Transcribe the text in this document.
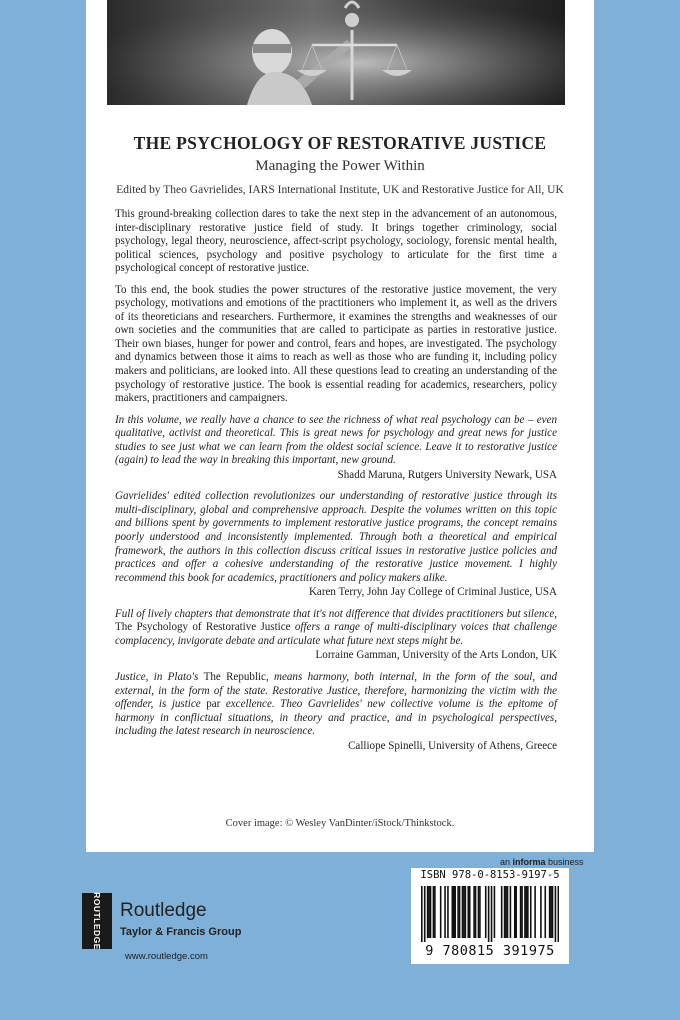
THE PSYCHOLOGY OF RESTORATIVE JUSTICE
Managing the Power Within
Edited by Theo Gavrielides, IARS International Institute, UK and Restorative Justice for All, UK

This ground-breaking collection dares to take the next step in the advancement of an autonomous, inter-disciplinary restorative justice field of study. It brings together criminology, social psychology, legal theory, neuroscience, affect-script psychology, sociology, forensic mental health, political sciences, psychology and positive psychology to articulate for the first time a psychological concept of restorative justice.

To this end, the book studies the power structures of the restorative justice movement, the very psychology, motivations and emotions of the practitioners who implement it, as well as the drivers of its theoreticians and researchers. Furthermore, it examines the strengths and weaknesses of our own societies and the communities that are called to participate as parties in restorative justice. Their own biases, hunger for power and control, fears and hopes, are investigated. The psychology and dynamics between those it aims to reach as well as those who are funding it, including policy makers and politicians, are looked into. All these questions lead to creating an understanding of the psychology of restorative justice. The book is essential reading for academics, researchers, policy makers, practitioners and campaigners.

In this volume, we really have a chance to see the richness of what real psychology can be – even qualitative, activist and theoretical. This is great news for psychology and great news for justice studies to see just what we can learn from the oldest social science. Leave it to restorative justice (again) to lead the way in breaking this important, new ground.
Shadd Maruna, Rutgers University Newark, USA
Gavrielides' edited collection revolutionizes our understanding of restorative justice through its multi-disciplinary, global and comprehensive approach. Despite the volumes written on this topic and billions spent by governments to implement restorative justice programs, the concept remains poorly understood and inconsistently implemented. Through both a theoretical and empirical framework, the authors in this collection discuss critical issues in restorative justice policies and practices and offer a cohesive understanding of the restorative justice movement. I highly recommend this book for academics, practitioners and policy makers alike.
Karen Terry, John Jay College of Criminal Justice, USA
Full of lively chapters that demonstrate that it's not difference that divides practitioners but silence, The Psychology of Restorative Justice offers a range of multi-disciplinary voices that challenge complacency, invigorate debate and articulate what future next steps might be.
Lorraine Gamman, University of the Arts London, UK
Justice, in Plato's The Republic, means harmony, both internal, in the form of the soul, and external, in the form of the state. Restorative Justice, therefore, harmonizing the victim with the offender, is justice par excellence. Theo Gavrielides' new collective volume is the epitome of harmony in conflictual situations, in theory and practice, and in psychological perspectives, including the latest research in neuroscience.
Calliope Spinelli, University of Athens, Greece
Cover image: © Wesley VanDinter/iStock/Thinkstock.
ROUTLEDGE Routledge
Taylor & Francis Group
www.routledge.com
an informa business
ISBN 978-0-8153-9197-5
9 780815 391975
